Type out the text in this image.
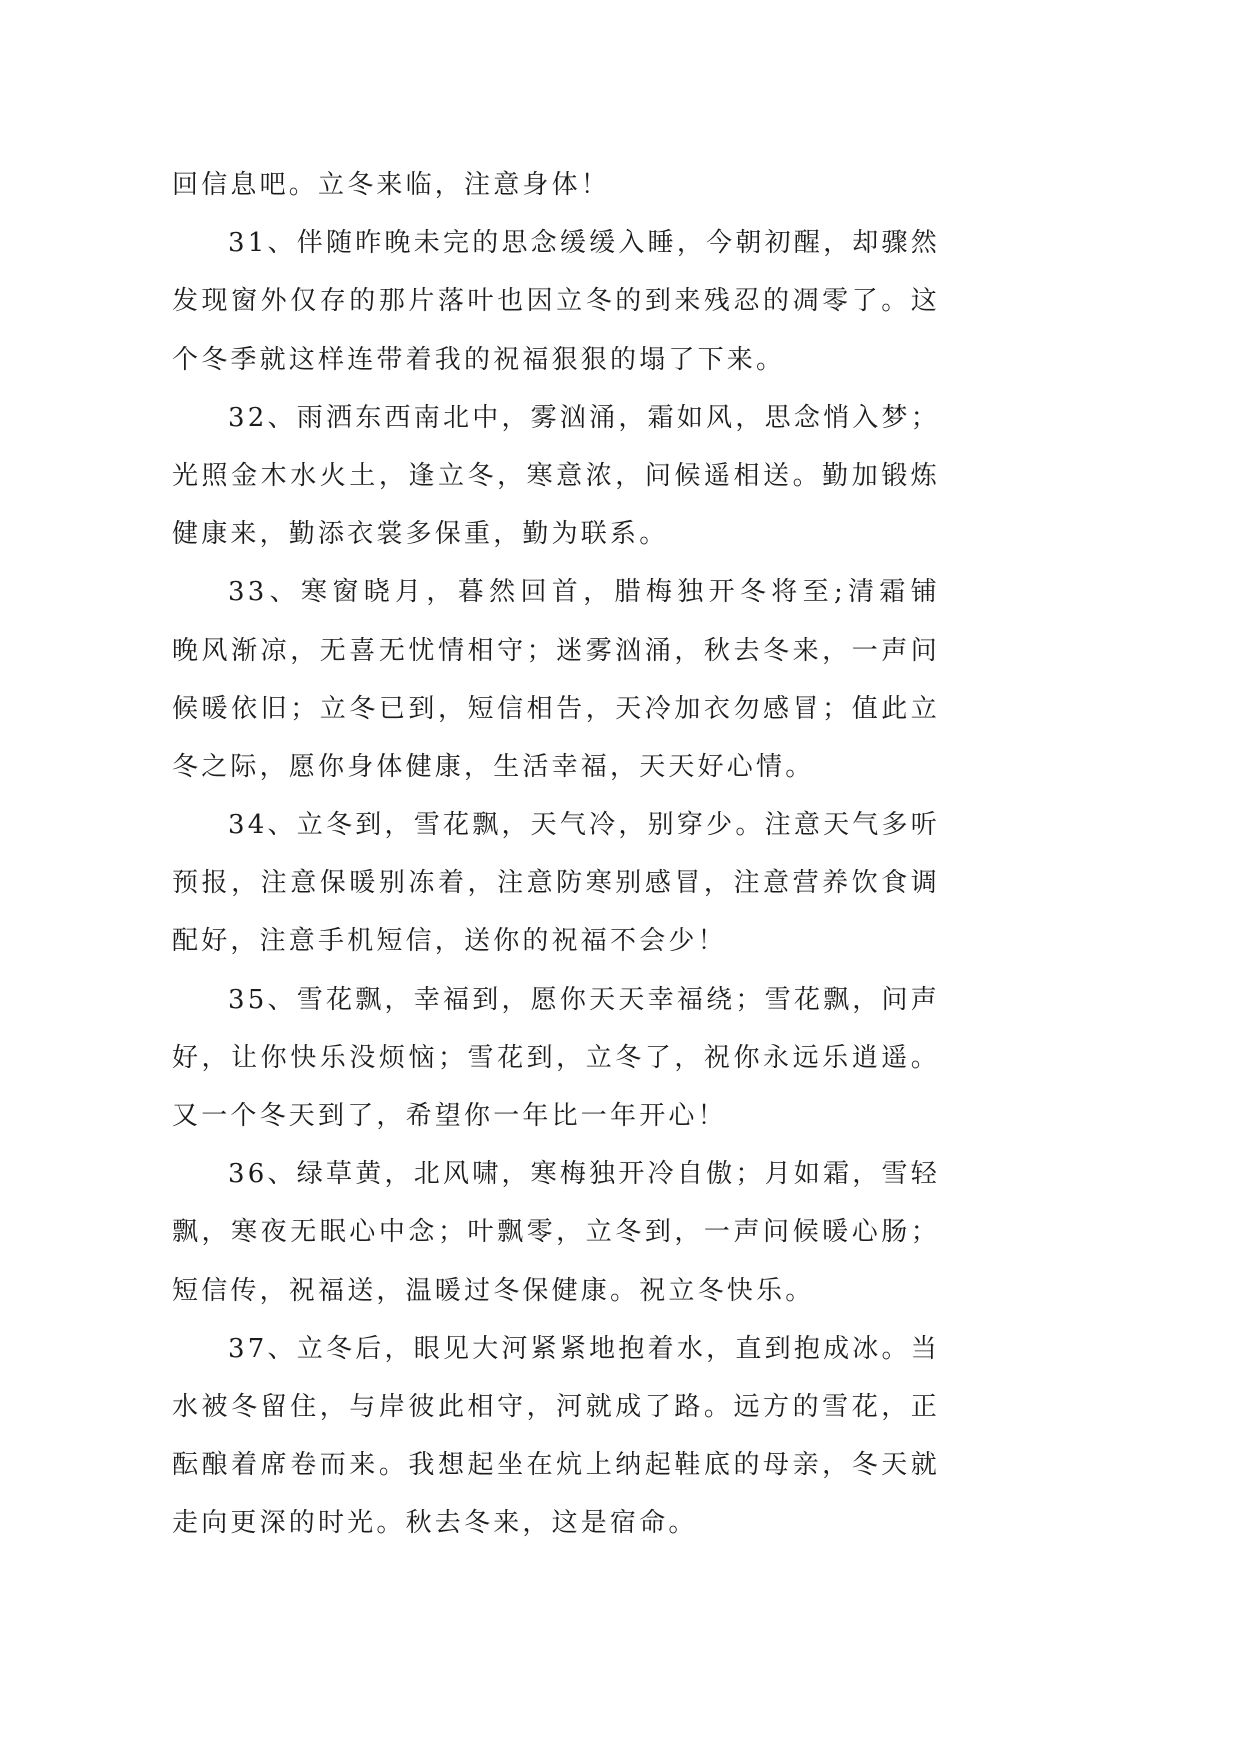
回信息吧。立冬来临，注意身体！
31、伴随昨晚未完的思念缓缓入睡，今朝初醒，却骤然
发现窗外仅存的那片落叶也因立冬的到来残忍的凋零了。这
个冬季就这样连带着我的祝福狠狠的塌了下来。
32、雨洒东西南北中，雾汹涌，霜如风，思念悄入梦；
光照金木水火土，逢立冬，寒意浓，问候遥相送。勤加锻炼
健康来，勤添衣裳多保重，勤为联系。
33、寒窗晓月，暮然回首，腊梅独开冬将至;清霜铺
晚风渐凉，无喜无忧情相守；迷雾汹涌，秋去冬来，一声问
候暖依旧；立冬已到，短信相告，天冷加衣勿感冒；值此立
冬之际，愿你身体健康，生活幸福，天天好心情。
34、立冬到，雪花飘，天气冷，别穿少。注意天气多听
预报，注意保暖别冻着，注意防寒别感冒，注意营养饮食调
配好，注意手机短信，送你的祝福不会少！
35、雪花飘，幸福到，愿你天天幸福绕；雪花飘，问声
好，让你快乐没烦恼；雪花到，立冬了，祝你永远乐逍遥。
又一个冬天到了，希望你一年比一年开心！
36、绿草黄，北风啸，寒梅独开冷自傲；月如霜，雪轻
飘，寒夜无眠心中念；叶飘零，立冬到，一声问候暖心肠；
短信传，祝福送，温暖过冬保健康。祝立冬快乐。
37、立冬后，眼见大河紧紧地抱着水，直到抱成冰。当
水被冬留住，与岸彼此相守，河就成了路。远方的雪花，正
酝酿着席卷而来。我想起坐在炕上纳起鞋底的母亲，冬天就
走向更深的时光。秋去冬来，这是宿命。
